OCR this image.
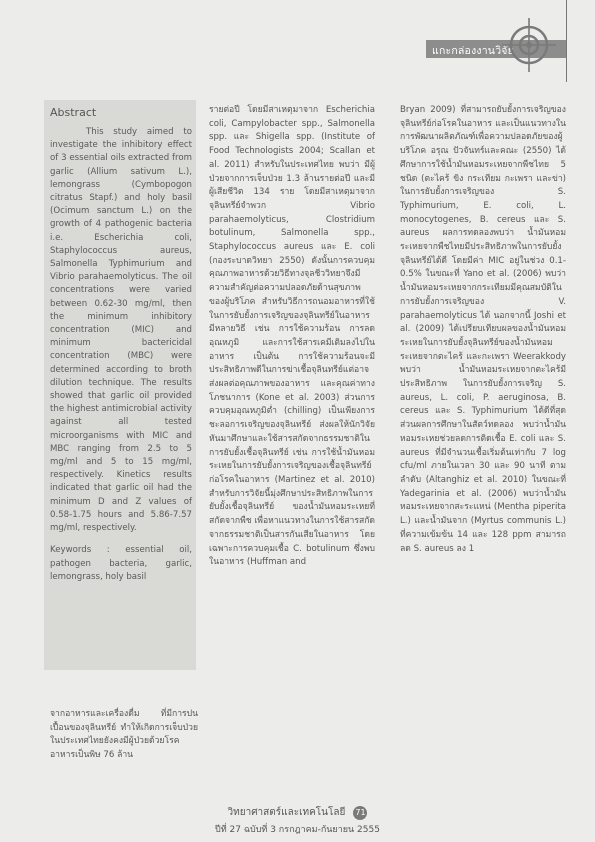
แกะกล่องงานวิจัย
Abstract

This study aimed to investigate the inhibitory effect of 3 essential oils extracted from garlic (Allium sativum L.), lemongrass (Cymbopogon citratus Stapf.) and holy basil (Ocimum sanctum L.) on the growth of 4 pathogenic bacteria i.e. Escherichia coli, Staphylococcus aureus, Salmonella Typhimurium and Vibrio parahaemolyticus. The oil concentrations were varied between 0.62-30 mg/ml, then the minimum inhibitory concentration (MIC) and minimum bactericidal concentration (MBC) were determined according to broth dilution technique. The results showed that garlic oil provided the highest antimicrobial activity against all tested microorganisms with MIC and MBC ranging from 2.5 to 5 mg/ml and 5 to 15 mg/ml, respectively. Kinetics results indicated that garlic oil had the minimum D and Z values of 0.58-1.75 hours and 5.86-7.57 mg/ml, respectively.

Keywords : essential oil, pathogen bacteria, garlic, lemongrass, holy basil

จากอาหารและเครื่องดื่ม ที่มีการปนเปื้อนของจุลินทรีย์ ทำให้เกิดการเจ็บป่วย ในประเทศไทยยังคงมีผู้ป่วยด้วยโรคอาหารเป็นพิษ 76 ล้าน

รายต่อปี โดยมีสาเหตุมาจาก Escherichia coli, Campylobacter spp., Salmonella spp. และ Shigella spp. (Institute of Food Technologists 2004; Scallan et al. 2011) สำหรับในประเทศไทย พบว่า มีผู้ป่วยจากการเจ็บป่วย 1.3 ล้านรายต่อปี และมีผู้เสียชีวิต 134 ราย โดยมีสาเหตุมาจากจุลินทรีย์จำพวก Vibrio parahaemolyticus, Clostridium botulinum, Salmonella spp., Staphylococcus aureus และ E. coli (กองระบาดวิทยา 2550) ดังนั้นการควบคุมคุณภาพอาหารด้วยวิธีทางจุลชีววิทยาจึงมีความสำคัญต่อความปลอดภัยด้านสุขภาพของผู้บริโภค สำหรับวิธีการถนอมอาหารที่ใช้ในการยับยั้งการเจริญของจุลินทรีย์ในอาหารมีหลายวิธี เช่น การใช้ความร้อน การลดอุณหภูมิ และการใช้สารเคมีเติมลงไปในอาหาร เป็นต้น การใช้ความร้อนจะมีประสิทธิภาพดีในการฆ่าเชื้อจุลินทรีย์แต่อาจส่งผลต่อคุณภาพของอาหาร และคุณค่าทางโภชนาการ (Kone et al. 2003) ส่วนการควบคุมอุณหภูมิต่ำ (chilling) เป็นเพียงการชะลอการเจริญของจุลินทรีย์ ส่งผลให้นักวิจัยหันมาศึกษาและใช้สารสกัดจากธรรมชาติในการยับยั้งเชื้อจุลินทรีย์ เช่น การใช้น้ำมันหอมระเหยในการยับยั้งการเจริญของเชื้อจุลินทรีย์ก่อโรคในอาหาร (Martinez et al. 2010) สำหรับการวิจัยนี้มุ่งศึกษาประสิทธิภาพในการยับยั้งเชื้อจุลินทรีย์ ของน้ำมันหอมระเหยที่สกัดจากพืช เพื่อหาแนวทางในการใช้สารสกัดจากธรรมชาติเป็นสารกันเสียในอาหาร โดยเฉพาะการควบคุมเชื้อ C. botulinum ซึ่งพบในอาหาร (Huffman and

Bryan 2009) ที่สามารถยับยั้งการเจริญของจุลินทรีย์ก่อโรคในอาหาร และเป็นแนวทางในการพัฒนาผลิตภัณฑ์เพื่อความปลอดภัยของผู้บริโภค อรุณ ปัวจันทร์และคณะ (2550) ได้ศึกษาการใช้น้ำมันหอมระเหยจากพืชไทย 5 ชนิด (ตะไคร้ ขิง กระเทียม กะเพรา และข่า) ในการยับยั้งการเจริญของ S. Typhimurium, E. coli, L. monocytogenes, B. cereus และ S. aureus ผลการทดลองพบว่า น้ำมันหอมระเหยจากพืชไทยมีประสิทธิภาพในการยับยั้งจุลินทรีย์ได้ดี โดยมีค่า MIC อยู่ในช่วง 0.1-0.5% ในขณะที่ Yano et al. (2006) พบว่า น้ำมันหอมระเหยจากกระเทียมมีคุณสมบัติในการยับยั้งการเจริญของ V. parahaemolyticus ได้ นอกจากนี้ Joshi et al. (2009) ได้เปรียบเทียบผลของน้ำมันหอมระเหยในการยับยั้งจุลินทรีย์ของน้ำมันหอมระเหยจากตะไคร้ และกะเพรา Weerakkody พบว่า น้ำมันหอมระเหยจากตะไคร้มีประสิทธิภาพ ในการยับยั้งการเจริญ S. aureus, L. coli, P. aeruginosa, B. cereus และ S. Typhimurium ได้ดีที่สุด ส่วนผลการศึกษาในสัตว์ทดลอง พบว่าน้ำมันหอมระเหยช่วยลดการติดเชื้อ E. coli และ S. aureus ที่มีจำนวนเชื้อเริ่มต้นเท่ากับ 7 log cfu/ml ภายในเวลา 30 และ 90 นาที ตามลำดับ (Altanghiz et al. 2010) ในขณะที่ Yadegarinia et al. (2006) พบว่าน้ำมันหอมระเหยจากสะระแหน่ (Mentha piperita L.) และน้ำมันจาก (Myrtus communis L.) ที่ความเข้มข้น 14 และ 128 ppm สามารถลด S. aureus ลง 1

วิทยาศาสตร์และเทคโนโลยี 71
ปีที่ 27 ฉบับที่ 3 กรกฎาคม-กันยายน 2555
